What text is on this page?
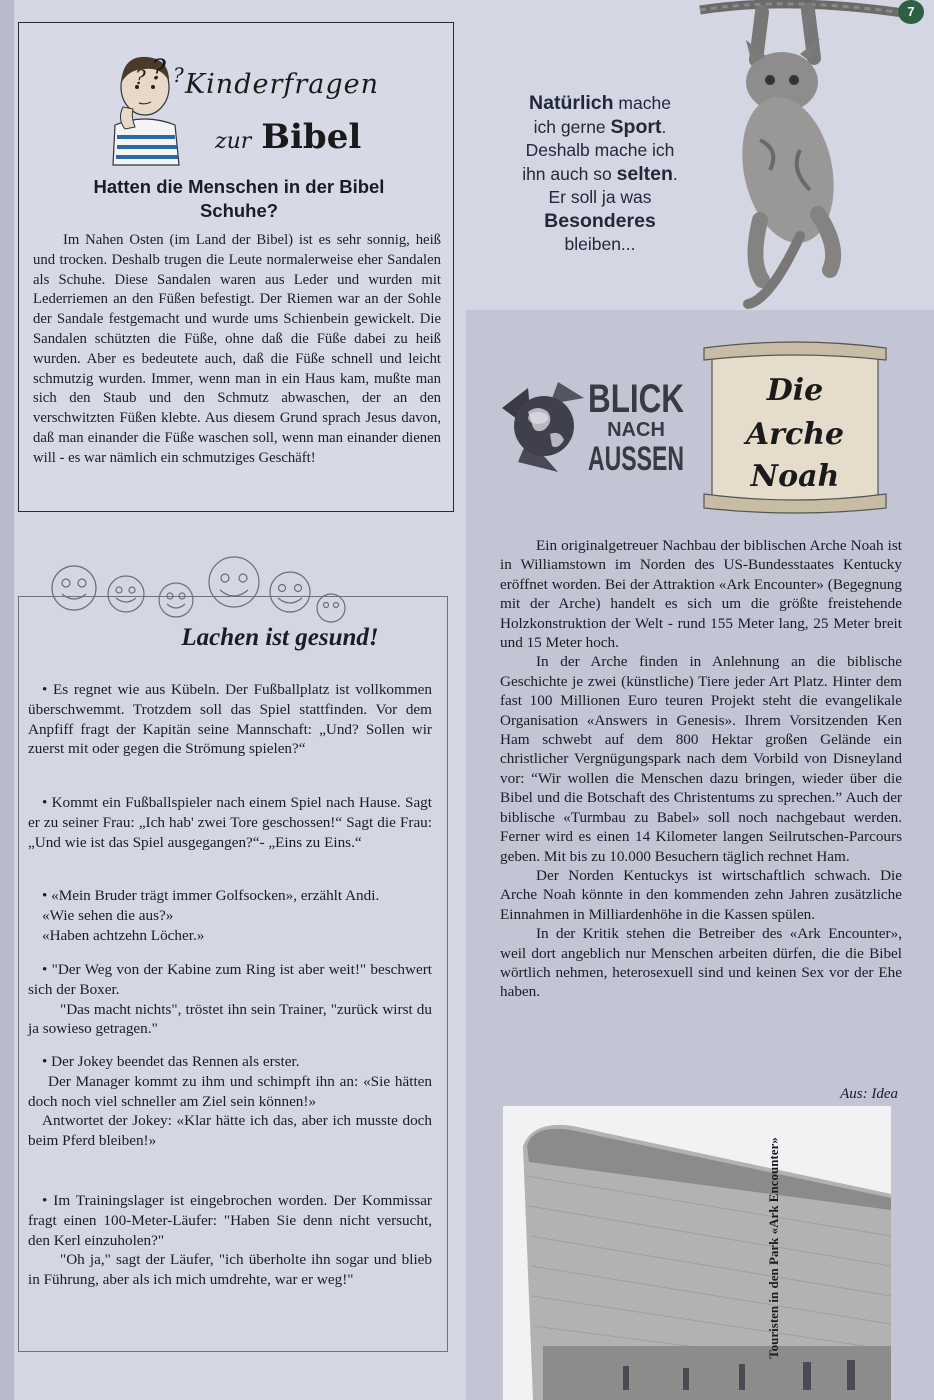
? ? ? Kinderfragen
zur Bibel
Hatten die Menschen in der Bibel Schuhe?
Im Nahen Osten (im Land der Bibel) ist es sehr sonnig, heiß und trocken. Deshalb trugen die Leute normalerweise eher Sandalen als Schuhe. Diese Sandalen waren aus Leder und wurden mit Lederriemen an den Füßen befestigt. Der Riemen war an der Sohle der Sandale festgemacht und wurde ums Schienbein gewickelt. Die Sandalen schützten die Füße, ohne daß die Füße dabei zu heiß wurden. Aber es bedeutete auch, daß die Füße schnell und leicht schmutzig wurden. Immer, wenn man in ein Haus kam, mußte man sich den Staub und den Schmutz abwaschen, der an den verschwitzten Füßen klebte. Aus diesem Grund sprach Jesus davon, daß man einander die Füße waschen soll, wenn man einander dienen will - es war nämlich ein schmutziges Geschäft!
Lachen ist gesund!

• Es regnet wie aus Kübeln. Der Fußballplatz ist vollkommen überschwemmt. Trotzdem soll das Spiel stattfinden. Vor dem Anpfiff fragt der Kapitän seine Mannschaft: „Und? Sollen wir zuerst mit oder gegen die Strömung spielen?“

• Kommt ein Fußballspieler nach einem Spiel nach Hause. Sagt er zu seiner Frau: „Ich hab' zwei Tore geschossen!“ Sagt die Frau: „Und wie ist das Spiel ausgegangen?“- „Eins zu Eins.“

• «Mein Bruder trägt immer Golfsocken», erzählt Andi.

«Wie sehen die aus?»

«Haben achtzehn Löcher.»

• "Der Weg von der Kabine zum Ring ist aber weit!" beschwert sich der Boxer.

"Das macht nichts", tröstet ihn sein Trainer, "zurück wirst du ja sowieso getragen."

• Der Jokey beendet das Rennen als erster.

Der Manager kommt zu ihm und schimpft ihn an: «Sie hätten doch noch viel schneller am Ziel sein können!»

Antwortet der Jokey: «Klar hätte ich das, aber ich musste doch beim Pferd bleiben!»

• Im Trainingslager ist eingebrochen worden. Der Kommissar fragt einen 100-Meter-Läufer: "Haben Sie denn nicht versucht, den Kerl einzuholen?"

"Oh ja," sagt der Läufer, "ich überholte ihn sogar und blieb in Führung, aber als ich mich umdrehte, war er weg!"

Natürlich mache
ich gerne Sport.
Deshalb mache ich
ihn auch so selten.
Er soll ja was
Besonderes
bleiben...
7
BLICK
NACH
AUSSEN
Die
Arche
Noah

Ein originalgetreuer Nachbau der biblischen Arche Noah ist in Williamstown im Norden des US-Bundesstaates Kentucky eröffnet worden. Bei der Attraktion «Ark Encounter» (Begegnung mit der Arche) handelt es sich um die größte freistehende Holzkonstruktion der Welt - rund 155 Meter lang, 25 Meter breit und 15 Meter hoch.

In der Arche finden in Anlehnung an die biblische Geschichte je zwei (künstliche) Tiere jeder Art Platz. Hinter dem fast 100 Millionen Euro teuren Projekt steht die evangelikale Organisation «Answers in Genesis». Ihrem Vorsitzenden Ken Ham schwebt auf dem 800 Hektar großen Gelände ein christlicher Vergnügungspark nach dem Vorbild von Disneyland vor: “Wir wollen die Menschen dazu bringen, wieder über die Bibel und die Botschaft des Christentums zu sprechen.” Auch der biblische «Turmbau zu Babel» soll noch nachgebaut werden. Ferner wird es einen 14 Kilometer langen Seilrutschen-Parcours geben. Mit bis zu 10.000 Besuchern täglich rechnet Ham.

Der Norden Kentuckys ist wirtschaftlich schwach. Die Arche Noah könnte in den kommenden zehn Jahren zusätzliche Einnahmen in Milliardenhöhe in die Kassen spülen.

In der Kritik stehen die Betreiber des «Ark Encounter», weil dort angeblich nur Menschen arbeiten dürfen, die die Bibel wörtlich nehmen, heterosexuell sind und keinen Sex vor der Ehe haben.

Aus: Idea
Touristen in den Park «Ark Encounter»
